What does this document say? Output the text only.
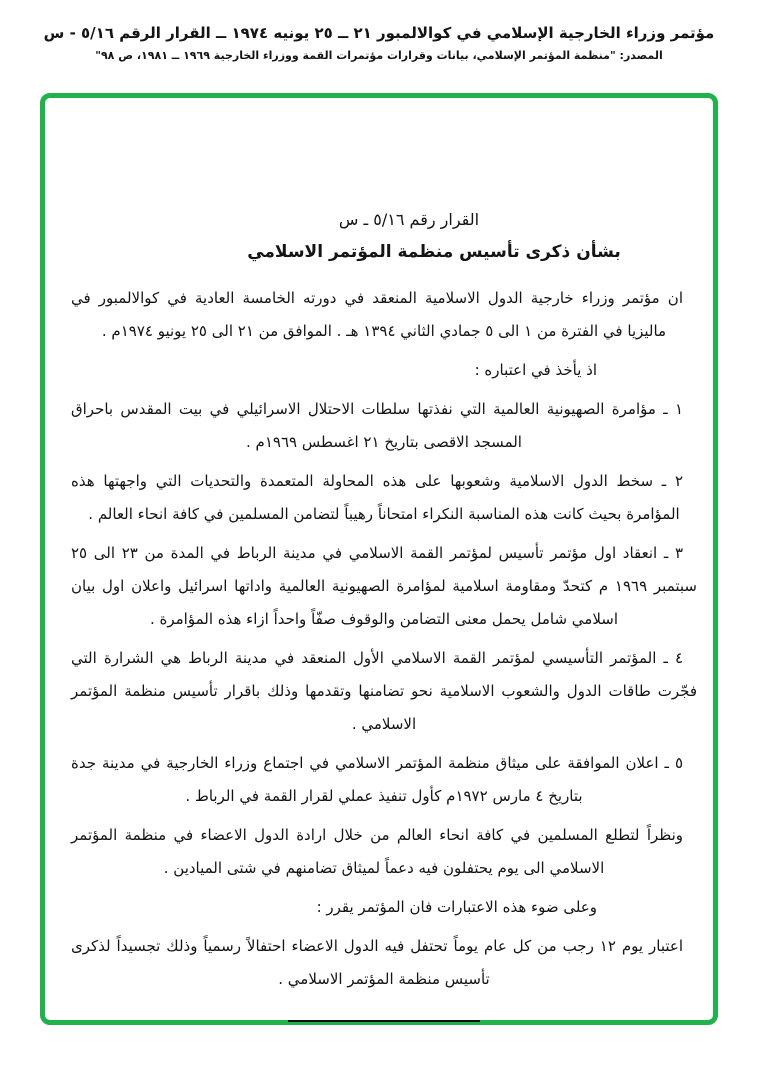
مؤتمر وزراء الخارجية الإسلامي في كوالالمبور ٢١ ــ ٢٥ يونيه ١٩٧٤ ــ القرار الرقم ٥/١٦ - س
المصدر: "منظمة المؤتمر الإسلامي، بيانات وقرارات مؤتمرات القمة ووزراء الخارجية ١٩٦٩ ــ ١٩٨١، ص ٩٨"
القرار رقم ٥/١٦ ـ س
بشأن ذكرى تأسيس منظمة المؤتمر الاسلامي

ان مؤتمر وزراء خارجية الدول الاسلامية المنعقد في دورته الخامسة العادية في كوالالمبور في ماليزيا في الفترة من ١ الى ٥ جمادي الثاني ١٣٩٤ هـ . الموافق من ٢١ الى ٢٥ يونيو ١٩٧٤م .

اذ يأخذ في اعتباره :

١ ـ مؤامرة الصهيونية العالمية التي نفذتها سلطات الاحتلال الاسرائيلي في بيت المقدس باحراق المسجد الاقصى بتاريخ ٢١ اغسطس ١٩٦٩م .

٢ ـ سخط الدول الاسلامية وشعوبها على هذه المحاولة المتعمدة والتحديات التي واجهتها هذه المؤامرة بحيث كانت هذه المناسبة النكراء امتحاناً رهيباً لتضامن المسلمين في كافة انحاء العالم .

٣ ـ انعقاد اول مؤتمر تأسيس لمؤتمر القمة الاسلامي في مدينة الرباط في المدة من ٢٣ الى ٢٥ سبتمبر ١٩٦٩ م كتحدّ ومقاومة اسلامية لمؤامرة الصهيونية العالمية واداتها اسرائيل واعلان اول بيان اسلامي شامل يحمل معنى التضامن والوقوف صفّاً واحداً ازاء هذه المؤامرة .

٤ ـ المؤتمر التأسيسي لمؤتمر القمة الاسلامي الأول المنعقد في مدينة الرباط هي الشرارة التي فجّرت طاقات الدول والشعوب الاسلامية نحو تضامنها وتقدمها وذلك باقرار تأسيس منظمة المؤتمر الاسلامي .

٥ ـ اعلان الموافقة على ميثاق منظمة المؤتمر الاسلامي في اجتماع وزراء الخارجية في مدينة جدة بتاريخ ٤ مارس ١٩٧٢م كأول تنفيذ عملي لقرار القمة في الرباط .

ونظراً لتطلع المسلمين في كافة انحاء العالم من خلال ارادة الدول الاعضاء في منظمة المؤتمر الاسلامي الى يوم يحتفلون فيه دعماً لميثاق تضامنهم في شتى الميادين .

وعلى ضوء هذه الاعتبارات فان المؤتمر يقرر :

اعتبار يوم ١٢ رجب من كل عام يوماً تحتفل فيه الدول الاعضاء احتفالاً رسمياً وذلك تجسيداً لذكرى تأسيس منظمة المؤتمر الاسلامي .
